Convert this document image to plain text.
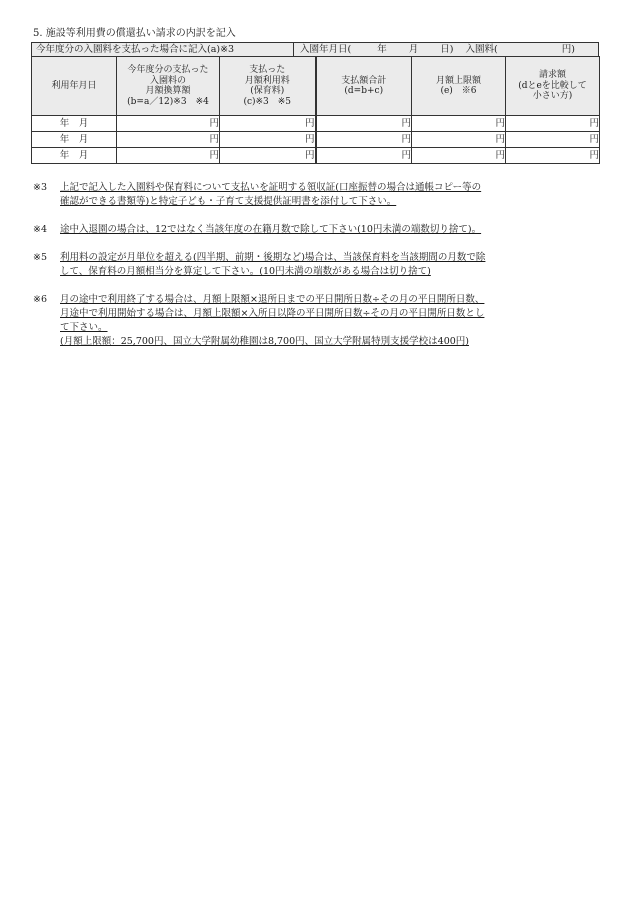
5. 施設等利用費の償還払い請求の内訳を記入
今年度分の入園料を支払った場合に記入(a)※3	入園年月日(	年 月 日) 入園料(	円)
利用年月日	今年度分の支払った
入園料の
月額換算額
(b=a／12)※3　※4	支払った
月額利用料
(保育料)
(c)※3　※5	支払額合計
(d=b+c)	月額上限額
(e)　※6	請求額
(dとeを比較して
小さい方)
年　月	円	円	円	円	円
年　月	円	円	円	円	円
年　月	円	円	円	円	円
※3	上記で記入した入園料や保育料について支払いを証明する領収証(口座振替の場合は通帳コピー等の
確認ができる書類等)と特定子ども・子育て支援提供証明書を添付して下さい。
※4	途中入退園の場合は、12ではなく当該年度の在籍月数で除して下さい(10円未満の端数切り捨て)。
※5	利用料の設定が月単位を超える(四半期、前期・後期など)場合は、当該保育料を当該期間の月数で除
して、保育料の月額相当分を算定して下さい。(10円未満の端数がある場合は切り捨て)
※6	月の途中で利用終了する場合は、月額上限額×退所日までの平日開所日数÷その月の平日開所日数、
月途中で利用開始する場合は、月額上限額×入所日以降の平日開所日数÷その月の平日開所日数とし
て下さい。
(月額上限額：25,700円、国立大学附属幼稚園は8,700円、国立大学附属特別支援学校は400円)
